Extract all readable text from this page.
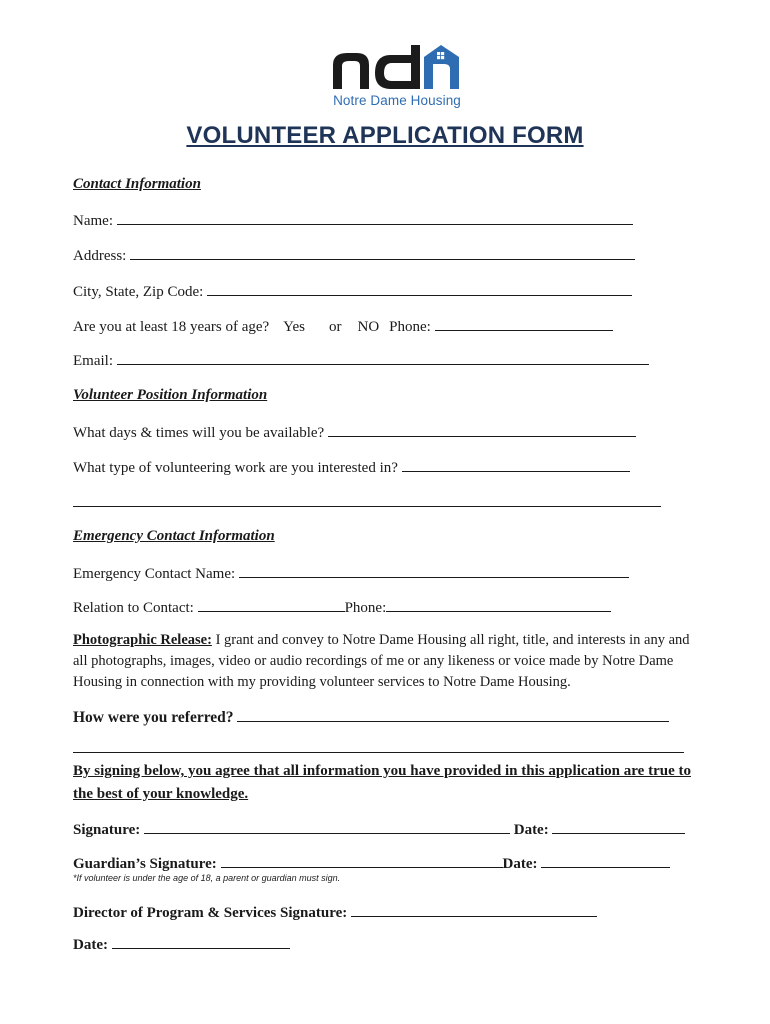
Notre Dame Housing
VOLUNTEER APPLICATION FORM
Contact Information
Name:
Address:
City, State, Zip Code:
Are you at least 18 years of age? Yes or NO Phone:
Email:
Volunteer Position Information
What days & times will you be available?
What type of volunteering work are you interested in?
Emergency Contact Information
Emergency Contact Name:
Relation to Contact:	Phone:
Photographic Release: I grant and convey to Notre Dame Housing all right, title, and interests in any and all photographs, images, video or audio recordings of me or any likeness or voice made by Notre Dame Housing in connection with my providing volunteer services to Notre Dame Housing.
How were you referred?
By signing below, you agree that all information you have provided in this application are true to the best of your knowledge.
Signature:	Date:
Guardian’s Signature:	Date:
*If volunteer is under the age of 18, a parent or guardian must sign.
Director of Program & Services Signature:
Date:
